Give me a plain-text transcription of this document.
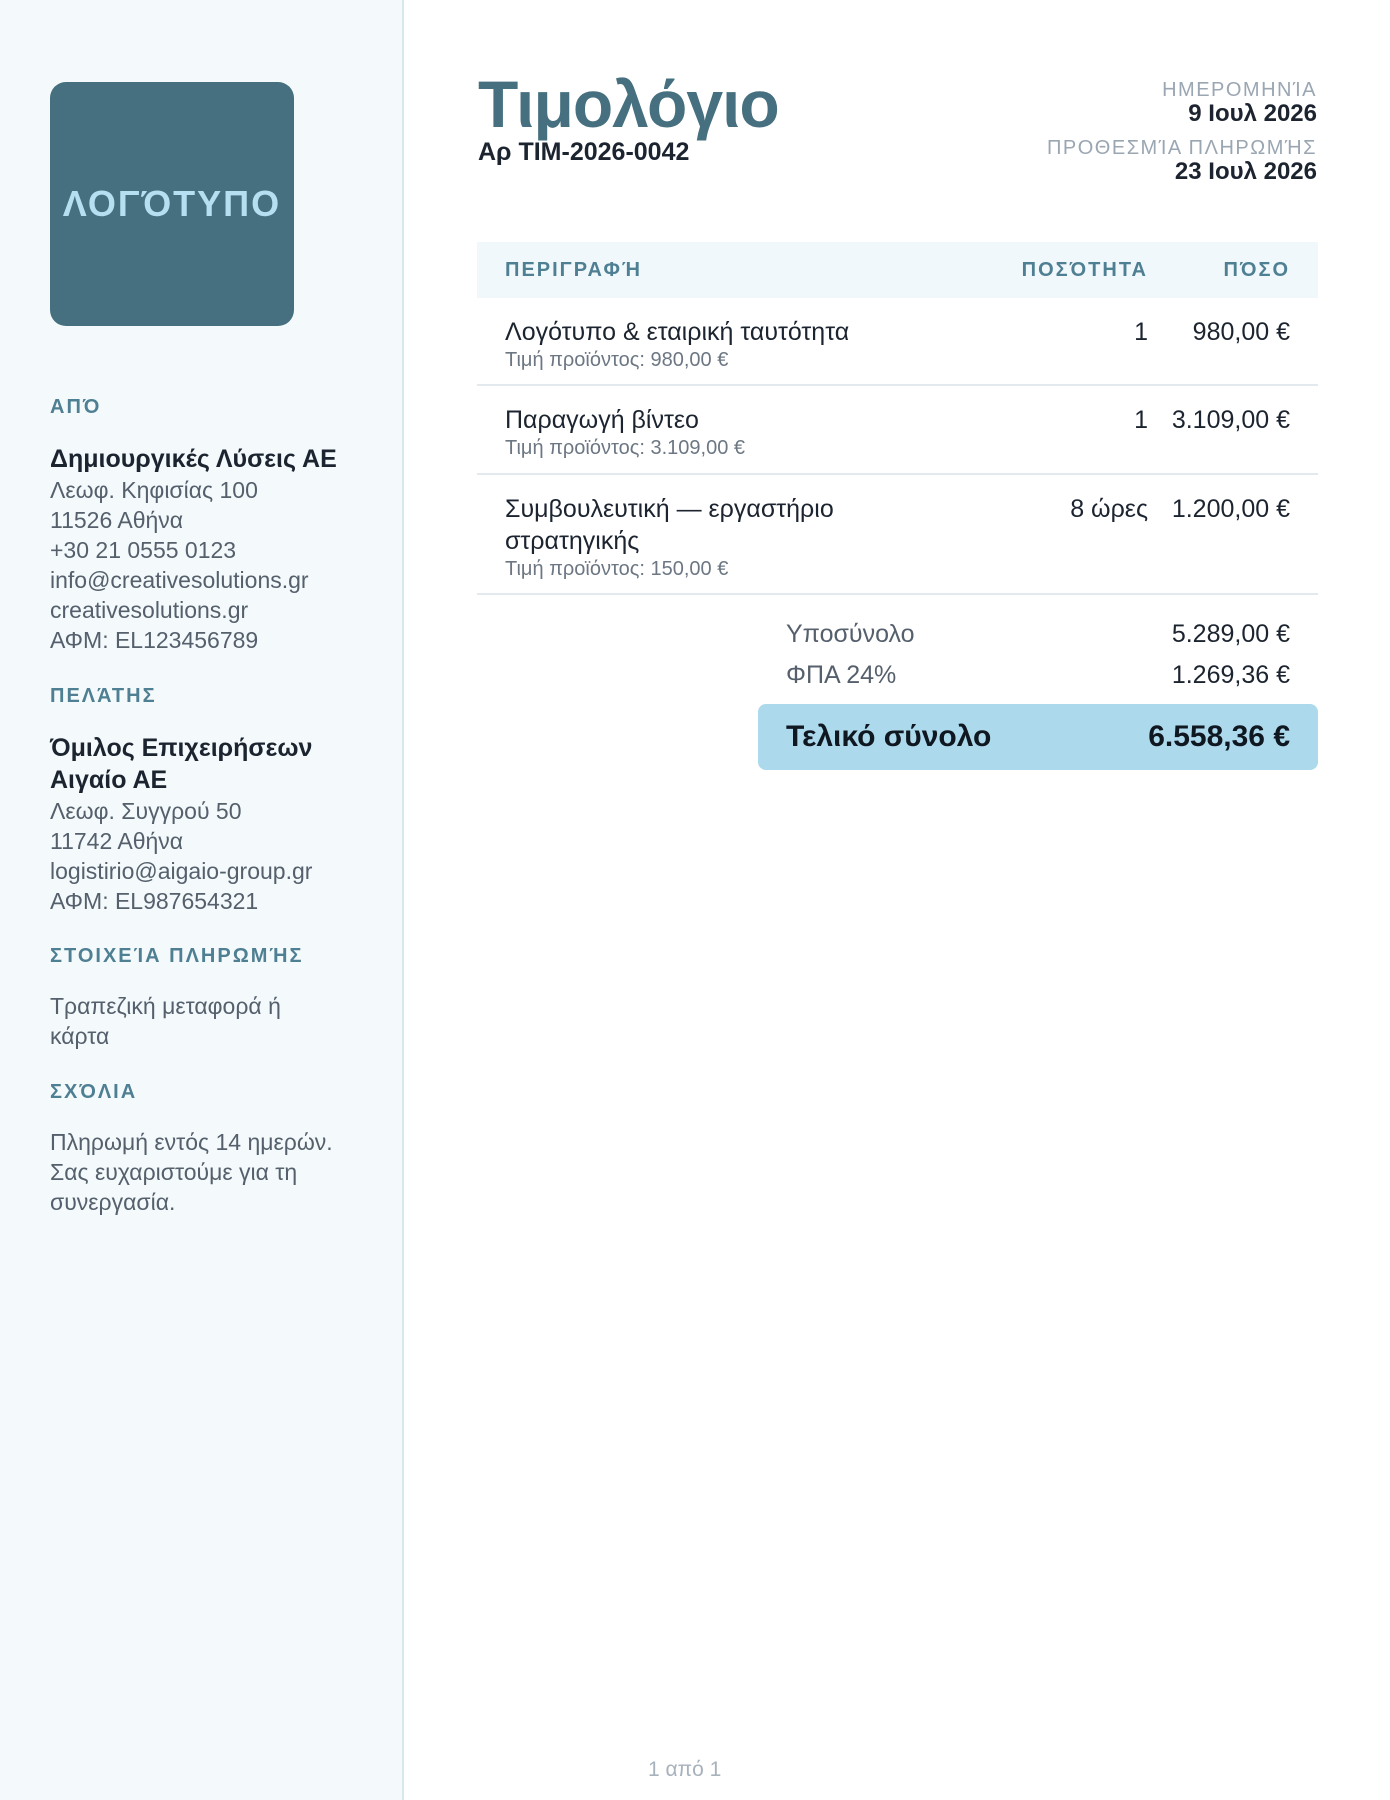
ΛΟΓΌΤΥΠΟ
ΑΠΌ
Δημιουργικές Λύσεις ΑΕ
Λεωφ. Κηφισίας 100
11526 Αθήνα
+30 21 0555 0123
info@creativesolutions.gr
creativesolutions.gr
ΑΦΜ: EL123456789
ΠΕΛΆΤΗΣ
Όμιλος Επιχειρήσεων Αιγαίο ΑΕ
Λεωφ. Συγγρού 50
11742 Αθήνα
logistirio@aigaio-group.gr
ΑΦΜ: EL987654321
ΣΤΟΙΧΕΊΑ ΠΛΗΡΩΜΉΣ
Τραπεζική μεταφορά ή κάρτα
ΣΧΌΛΙΑ
Πληρωμή εντός 14 ημερών. Σας ευχαριστούμε για τη συνεργασία.
Τιμολόγιο
Αρ ΤΙΜ-2026-0042
ΗΜΕΡΟΜΗΝΊΑ
9 Ιουλ 2026
ΠΡΟΘΕΣΜΊΑ ΠΛΗΡΩΜΉΣ
23 Ιουλ 2026
ΠΕΡΙΓΡΑΦΉ	ΠΟΣΌΤΗΤΑ	ΠΌΣΟ
Λογότυπο & εταιρική ταυτότητα
Τιμή προϊόντος: 980,00 €
1	980,00 €
Παραγωγή βίντεο
Τιμή προϊόντος: 3.109,00 €
1 3.109,00 €
Συμβουλευτική — εργαστήριο στρατηγικής
Τιμή προϊόντος: 150,00 €
8 ώρες 1.200,00 €
Υποσύνολο	5.289,00 €
ΦΠΑ 24%	1.269,36 €
Τελικό σύνολο	6.558,36 €
1 από 1
